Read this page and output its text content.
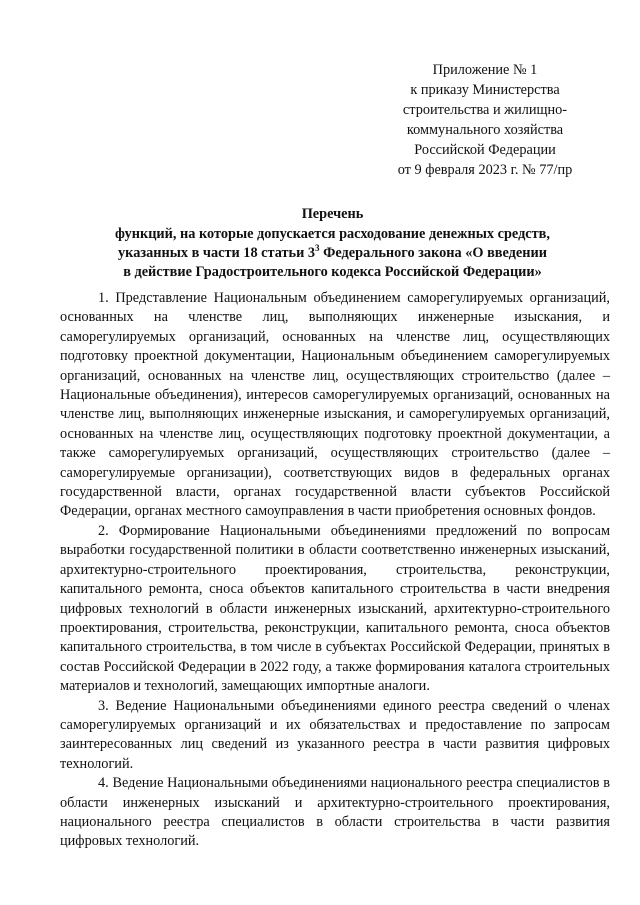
Приложение № 1
к приказу Министерства
строительства и жилищно-
коммунального хозяйства
Российской Федерации
от 9 февраля 2023 г. № 77/пр
Перечень
функций, на которые допускается расходование денежных средств,
указанных в части 18 статьи $3^3$ Федерального закона «О введении
в действие Градостроительного кодекса Российской Федерации»

1. Представление Национальным объединением саморегулируемых организаций, основанных на членстве лиц, выполняющих инженерные изыскания, и саморегулируемых организаций, основанных на членстве лиц, осуществляющих подготовку проектной документации, Национальным объединением саморегулируемых организаций, основанных на членстве лиц, осуществляющих строительство (далее – Национальные объединения), интересов саморегулируемых организаций, основанных на членстве лиц, выполняющих инженерные изыскания, и саморегулируемых организаций, основанных на членстве лиц, осуществляющих подготовку проектной документации, а также саморегулируемых организаций, осуществляющих строительство (далее – саморегулируемые организации), соответствующих видов в федеральных органах государственной власти, органах государственной власти субъектов Российской Федерации, органах местного самоуправления в части приобретения основных фондов.

2. Формирование Национальными объединениями предложений по вопросам выработки государственной политики в области соответственно инженерных изысканий, архитектурно-строительного проектирования, строительства, реконструкции, капитального ремонта, сноса объектов капитального строительства в части внедрения цифровых технологий в области инженерных изысканий, архитектурно-строительного проектирования, строительства, реконструкции, капитального ремонта, сноса объектов капитального строительства, в том числе в субъектах Российской Федерации, принятых в состав Российской Федерации в 2022 году, а также формирования каталога строительных материалов и технологий, замещающих импортные аналоги.

3. Ведение Национальными объединениями единого реестра сведений о членах саморегулируемых организаций и их обязательствах и предоставление по запросам заинтересованных лиц сведений из указанного реестра в части развития цифровых технологий.

4. Ведение Национальными объединениями национального реестра специалистов в области инженерных изысканий и архитектурно-строительного проектирования, национального реестра специалистов в области строительства в части развития цифровых технологий.
